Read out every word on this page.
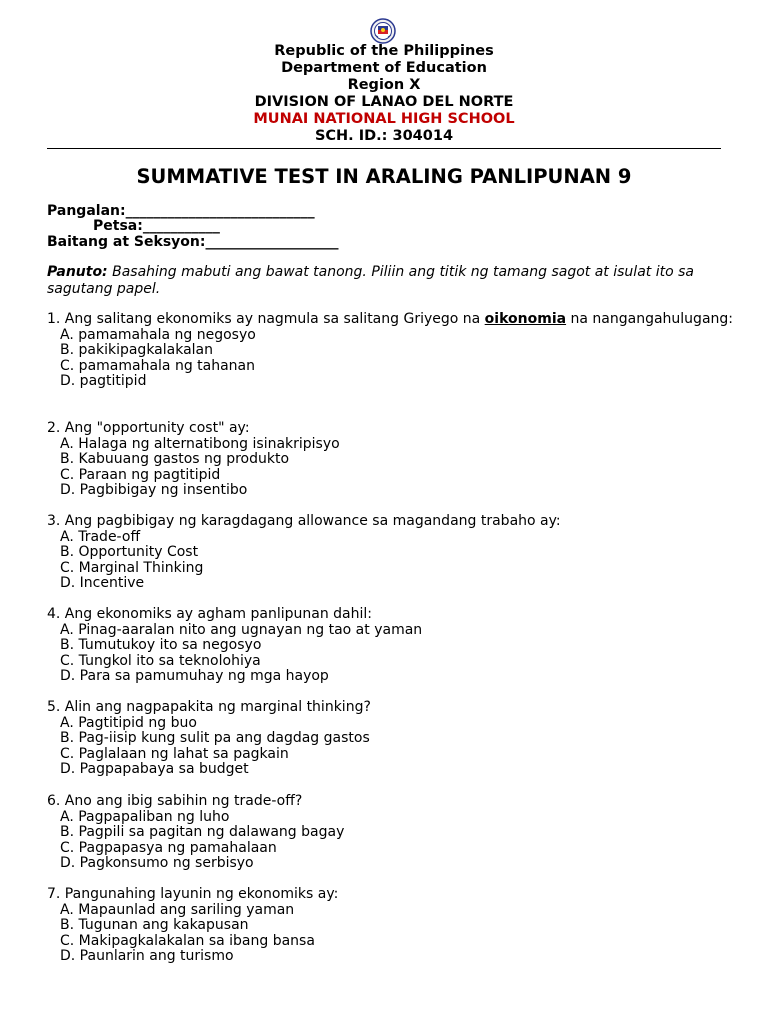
Republic of the Philippines
Department of Education
Region X
DIVISION OF LANAO DEL NORTE
MUNAI NATIONAL HIGH SCHOOL
SCH. ID.: 304014
SUMMATIVE TEST IN ARALING PANLIPUNAN 9
Pangalan:___________________________
Petsa:___________
Baitang at Seksyon:___________________
Panuto: Basahing mabuti ang bawat tanong. Piliin ang titik ng tamang sagot at isulat ito sa sagutang papel.
1. Ang salitang ekonomiks ay nagmula sa salitang Griyego na oikonomia na nangangahulugang:
A. pamamahala ng negosyo
B. pakikipagkalakalan
C. pamamahala ng tahanan
D. pagtitipid
2. Ang "opportunity cost" ay:
A. Halaga ng alternatibong isinakripisyo
B. Kabuuang gastos ng produkto
C. Paraan ng pagtitipid
D. Pagbibigay ng insentibo
3. Ang pagbibigay ng karagdagang allowance sa magandang trabaho ay:
A. Trade-off
B. Opportunity Cost
C. Marginal Thinking
D. Incentive
4. Ang ekonomiks ay agham panlipunan dahil:
A. Pinag-aaralan nito ang ugnayan ng tao at yaman
B. Tumutukoy ito sa negosyo
C. Tungkol ito sa teknolohiya
D. Para sa pamumuhay ng mga hayop
5. Alin ang nagpapakita ng marginal thinking?
A. Pagtitipid ng buo
B. Pag-iisip kung sulit pa ang dagdag gastos
C. Paglalaan ng lahat sa pagkain
D. Pagpapabaya sa budget
6. Ano ang ibig sabihin ng trade-off?
A. Pagpapaliban ng luho
B. Pagpili sa pagitan ng dalawang bagay
C. Pagpapasya ng pamahalaan
D. Pagkonsumo ng serbisyo
7. Pangunahing layunin ng ekonomiks ay:
A. Mapaunlad ang sariling yaman
B. Tugunan ang kakapusan
C. Makipagkalakalan sa ibang bansa
D. Paunlarin ang turismo
